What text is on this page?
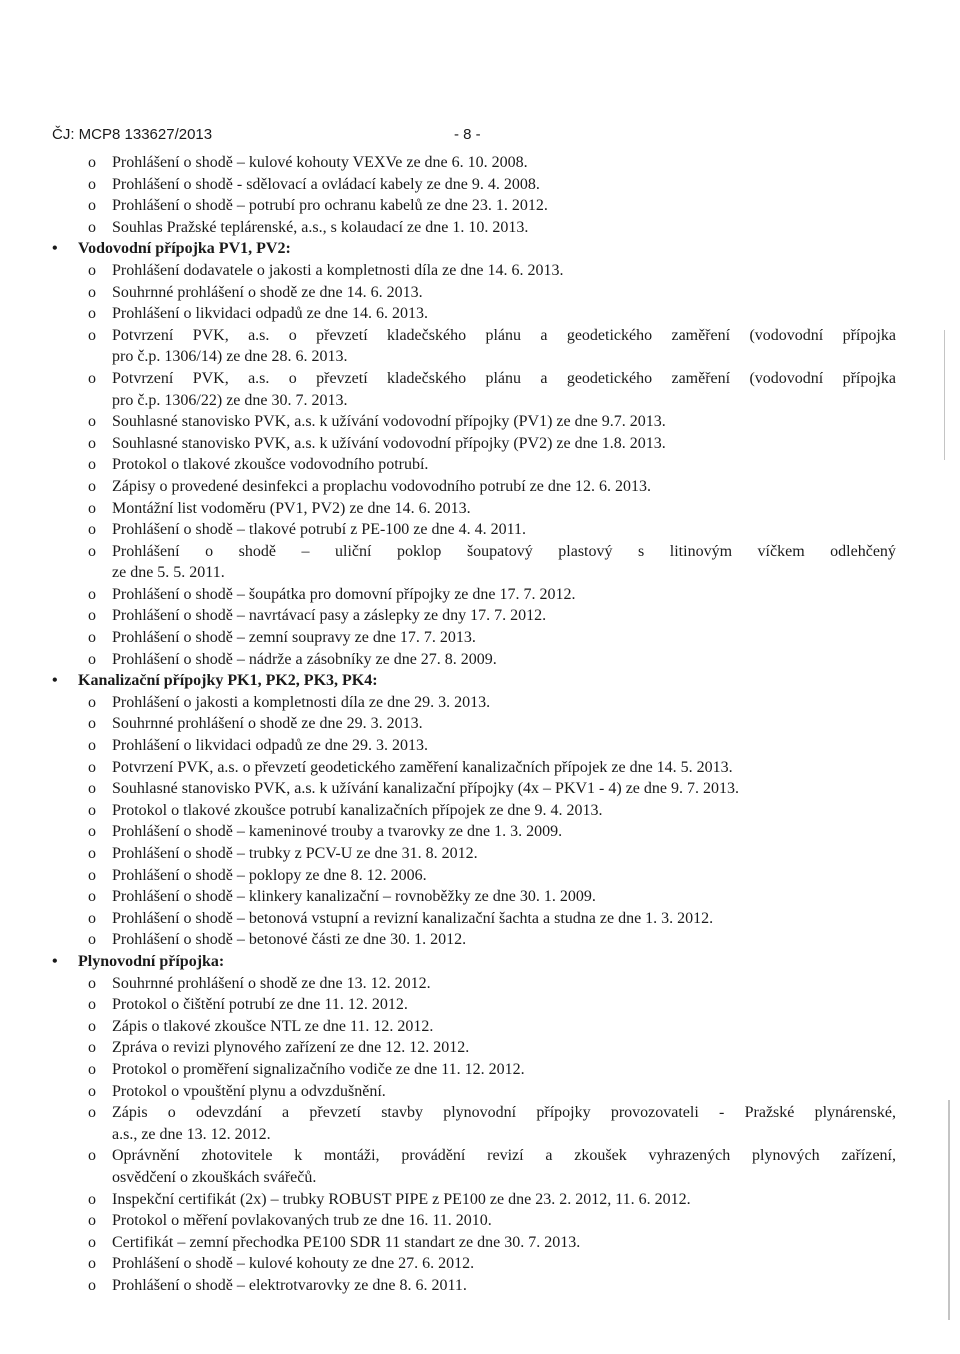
ČJ: MCP8 133627/2013	- 8 -
o Prohlášení o shodě – kulové kohouty VEXVe ze dne 6. 10. 2008.
o Prohlášení o shodě - sdělovací a ovládací kabely ze dne 9. 4. 2008.
o Prohlášení o shodě – potrubí pro ochranu kabelů ze dne 23. 1. 2012.
o Souhlas Pražské teplárenské, a.s., s kolaudací ze dne 1. 10. 2013.
• Vodovodní přípojka PV1, PV2:
o Prohlášení dodavatele o jakosti a kompletnosti díla ze dne 14. 6. 2013.
o Souhrnné prohlášení o shodě ze dne 14. 6. 2013.
o Prohlášení o likvidaci odpadů ze dne 14. 6. 2013.
o Potvrzení PVK, a.s. o převzetí kladečského plánu a geodetického zaměření (vodovodní přípojka
pro č.p. 1306/14) ze dne 28. 6. 2013.
o Potvrzení PVK, a.s. o převzetí kladečského plánu a geodetického zaměření (vodovodní přípojka
pro č.p. 1306/22) ze dne 30. 7. 2013.
o Souhlasné stanovisko PVK, a.s. k užívání vodovodní přípojky (PV1) ze dne 9.7. 2013.
o Souhlasné stanovisko PVK, a.s. k užívání vodovodní přípojky (PV2) ze dne 1.8. 2013.
o Protokol o tlakové zkoušce vodovodního potrubí.
o Zápisy o provedené desinfekci a proplachu vodovodního potrubí ze dne 12. 6. 2013.
o Montážní list vodoměru (PV1, PV2) ze dne 14. 6. 2013.
o Prohlášení o shodě – tlakové potrubí z PE-100 ze dne 4. 4. 2011.
o Prohlášení o shodě – uliční poklop šoupatový plastový s litinovým víčkem odlehčený
ze dne 5. 5. 2011.
o Prohlášení o shodě – šoupátka pro domovní přípojky ze dne 17. 7. 2012.
o Prohlášení o shodě – navrtávací pasy a záslepky ze dny 17. 7. 2012.
o Prohlášení o shodě – zemní soupravy ze dne 17. 7. 2013.
o Prohlášení o shodě – nádrže a zásobníky ze dne 27. 8. 2009.
• Kanalizační přípojky PK1, PK2, PK3, PK4:
o Prohlášení o jakosti a kompletnosti díla ze dne 29. 3. 2013.
o Souhrnné prohlášení o shodě ze dne 29. 3. 2013.
o Prohlášení o likvidaci odpadů ze dne 29. 3. 2013.
o Potvrzení PVK, a.s. o převzetí geodetického zaměření kanalizačních přípojek ze dne 14. 5. 2013.
o Souhlasné stanovisko PVK, a.s. k užívání kanalizační přípojky (4x – PKV1 - 4) ze dne 9. 7. 2013.
o Protokol o tlakové zkoušce potrubí kanalizačních přípojek ze dne 9. 4. 2013.
o Prohlášení o shodě – kameninové trouby a tvarovky ze dne 1. 3. 2009.
o Prohlášení o shodě – trubky z PCV-U ze dne 31. 8. 2012.
o Prohlášení o shodě – poklopy ze dne 8. 12. 2006.
o Prohlášení o shodě – klinkery kanalizační – rovnoběžky ze dne 30. 1. 2009.
o Prohlášení o shodě – betonová vstupní a revizní kanalizační šachta a studna ze dne 1. 3. 2012.
o Prohlášení o shodě – betonové části ze dne 30. 1. 2012.
• Plynovodní přípojka:
o Souhrnné prohlášení o shodě ze dne 13. 12. 2012.
o Protokol o čištění potrubí ze dne 11. 12. 2012.
o Zápis o tlakové zkoušce NTL ze dne 11. 12. 2012.
o Zpráva o revizi plynového zařízení ze dne 12. 12. 2012.
o Protokol o proměření signalizačního vodiče ze dne 11. 12. 2012.
o Protokol o vpouštění plynu a odvzdušnění.
o Zápis o odevzdání a převzetí stavby plynovodní přípojky provozovateli - Pražské plynárenské,
a.s., ze dne 13. 12. 2012.
o Oprávnění zhotovitele k montáži, provádění revizí a zkoušek vyhrazených plynových zařízení,
osvědčení o zkouškách svářečů.
o Inspekční certifikát (2x) – trubky ROBUST PIPE z PE100 ze dne 23. 2. 2012, 11. 6. 2012.
o Protokol o měření povlakovaných trub ze dne 16. 11. 2010.
o Certifikát – zemní přechodka PE100 SDR 11 standart ze dne 30. 7. 2013.
o Prohlášení o shodě – kulové kohouty ze dne 27. 6. 2012.
o Prohlášení o shodě – elektrotvarovky ze dne 8. 6. 2011.
